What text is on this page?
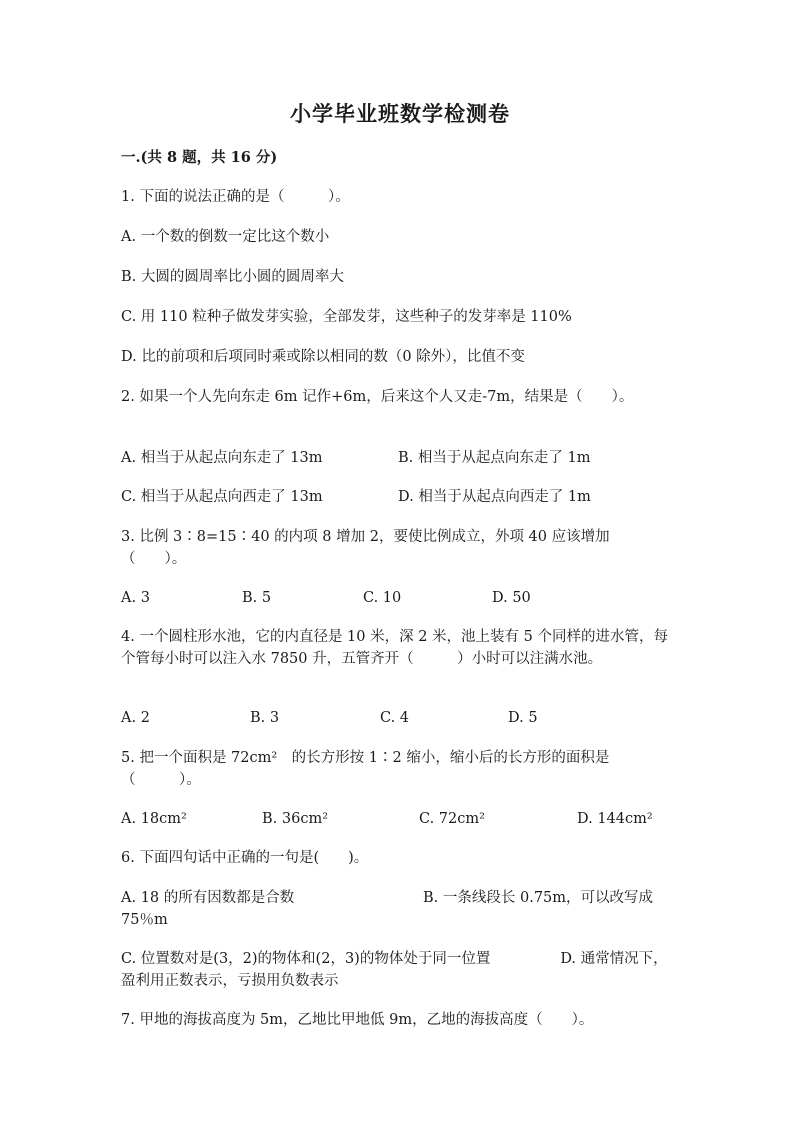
小学毕业班数学检测卷
一.(共 8 题，共 16 分)
1. 下面的说法正确的是（　　　）。
A. 一个数的倒数一定比这个数小
B. 大圆的圆周率比小圆的圆周率大
C. 用 110 粒种子做发芽实验，全部发芽，这些种子的发芽率是 110%
D. 比的前项和后项同时乘或除以相同的数（0 除外），比值不变
2. 如果一个人先向东走 6m 记作+6m，后来这个人又走-7m，结果是（　　）。
A. 相当于从起点向东走了 13m	B. 相当于从起点向东走了 1m
C. 相当于从起点向西走了 13m	D. 相当于从起点向西走了 1m
3. 比例 3∶8=15∶40 的内项 8 增加 2，要使比例成立，外项 40 应该增加（　　）。
A. 3	B. 5	C. 10	D. 50
4. 一个圆柱形水池，它的内直径是 10 米，深 2 米，池上装有 5 个同样的进水管，每个管每小时可以注入水 7850 升，五管齐开（　　　）小时可以注满水池。
A. 2	B. 3	C. 4	D. 5
5. 把一个面积是 72cm²　的长方形按 1∶2 缩小，缩小后的长方形的面积是（　　　）。
A. 18cm²	B. 36cm²	C. 72cm²	D. 144cm²
6. 下面四句话中正确的一句是(　　)。
A. 18 的所有因数都是合数	B. 一条线段长 0.75m，可以改写成 75％m
C. 位置数对是(3，2)的物体和(2，3)的物体处于同一位置	D. 通常情况下，盈利用正数表示，亏损用负数表示
7. 甲地的海拔高度为 5m，乙地比甲地低 9m，乙地的海拔高度（　　）。
